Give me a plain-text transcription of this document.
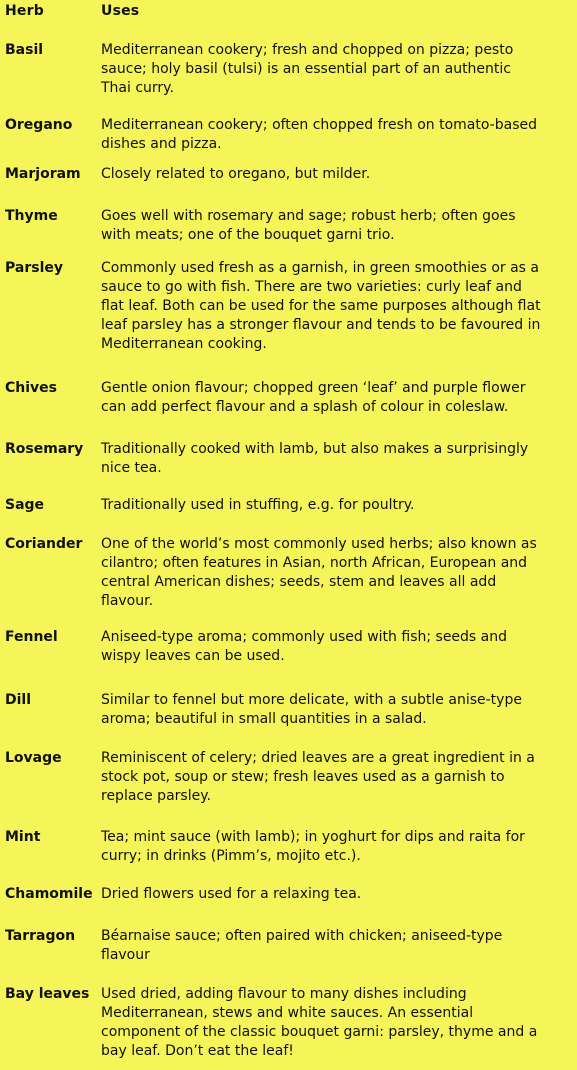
Herb	Uses
Basil	Mediterranean cookery; fresh and chopped on pizza; pesto
sauce; holy basil (tulsi) is an essential part of an authentic
Thai curry.
Oregano Mediterranean cookery; often chopped fresh on tomato-based
dishes and pizza.
Marjoram Closely related to oregano, but milder.
Thyme	Goes well with rosemary and sage; robust herb; often goes
with meats; one of the bouquet garni trio.
Parsley	Commonly used fresh as a garnish, in green smoothies or as a
sauce to go with fish. There are two varieties: curly leaf and
flat leaf. Both can be used for the same purposes although flat
leaf parsley has a stronger flavour and tends to be favoured in
Mediterranean cooking.
Chives	Gentle onion flavour; chopped green ‘leaf’ and purple flower
can add perfect flavour and a splash of colour in coleslaw.
Rosemary Traditionally cooked with lamb, but also makes a surprisingly
nice tea.
Sage	Traditionally used in stuffing, e.g. for poultry.
Coriander One of the world’s most commonly used herbs; also known as
cilantro; often features in Asian, north African, European and
central American dishes; seeds, stem and leaves all add
flavour.
Fennel	Aniseed-type aroma; commonly used with fish; seeds and
wispy leaves can be used.
Dill	Similar to fennel but more delicate, with a subtle anise-type
aroma; beautiful in small quantities in a salad.
Lovage	Reminiscent of celery; dried leaves are a great ingredient in a
stock pot, soup or stew; fresh leaves used as a garnish to
replace parsley.
Mint	Tea; mint sauce (with lamb); in yoghurt for dips and raita for
curry; in drinks (Pimm’s, mojito etc.).
Chamomile Dried flowers used for a relaxing tea.
Tarragon Béarnaise sauce; often paired with chicken; aniseed-type
flavour
Bay leaves Used dried, adding flavour to many dishes including
Mediterranean, stews and white sauces. An essential
component of the classic bouquet garni: parsley, thyme and a
bay leaf. Don’t eat the leaf!
